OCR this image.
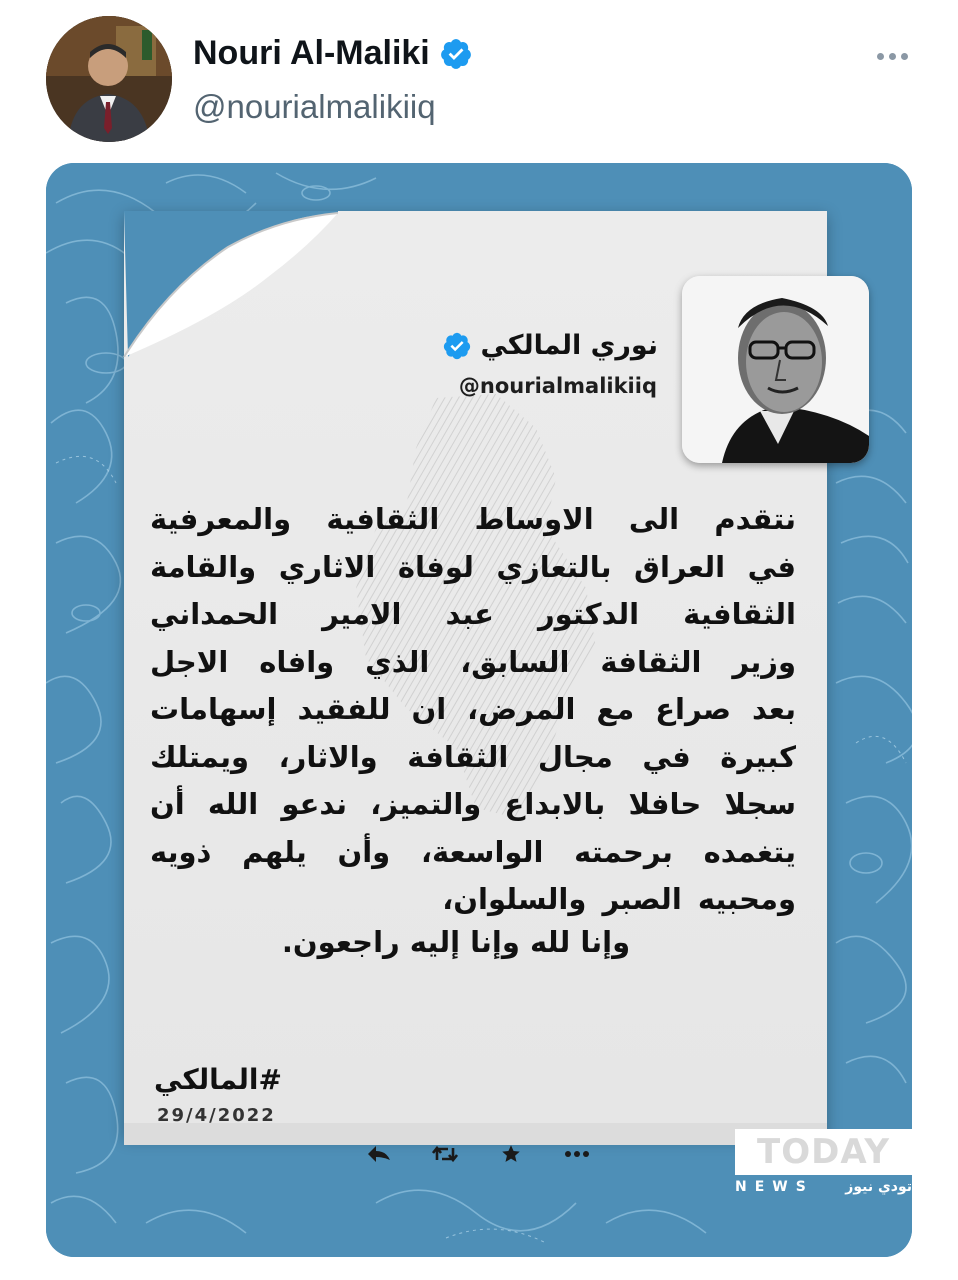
Nouri Al-Maliki
@nourialmalikiiq
نوري المالكي
@nourialmalikiiq
نتقدم الى الاوساط الثقافية والمعرفية
في العراق بالتعازي لوفاة الاثاري والقامة
الثقافية الدكتور عبد الامير الحمداني
وزير الثقافة السابق، الذي وافاه الاجل
بعد صراع مع المرض، ان للفقيد إسهامات
كبيرة في مجال الثقافة والاثار، ويمتلك
سجلا حافلا بالابداع والتميز، ندعو الله أن
يتغمده برحمته الواسعة، وأن يلهم ذويه
ومحبيه الصبر والسلوان،
وإنا لله وإنا إليه راجعون.
#المالكي
29/4/2022
TODAY
NEWS تودي نيوز
